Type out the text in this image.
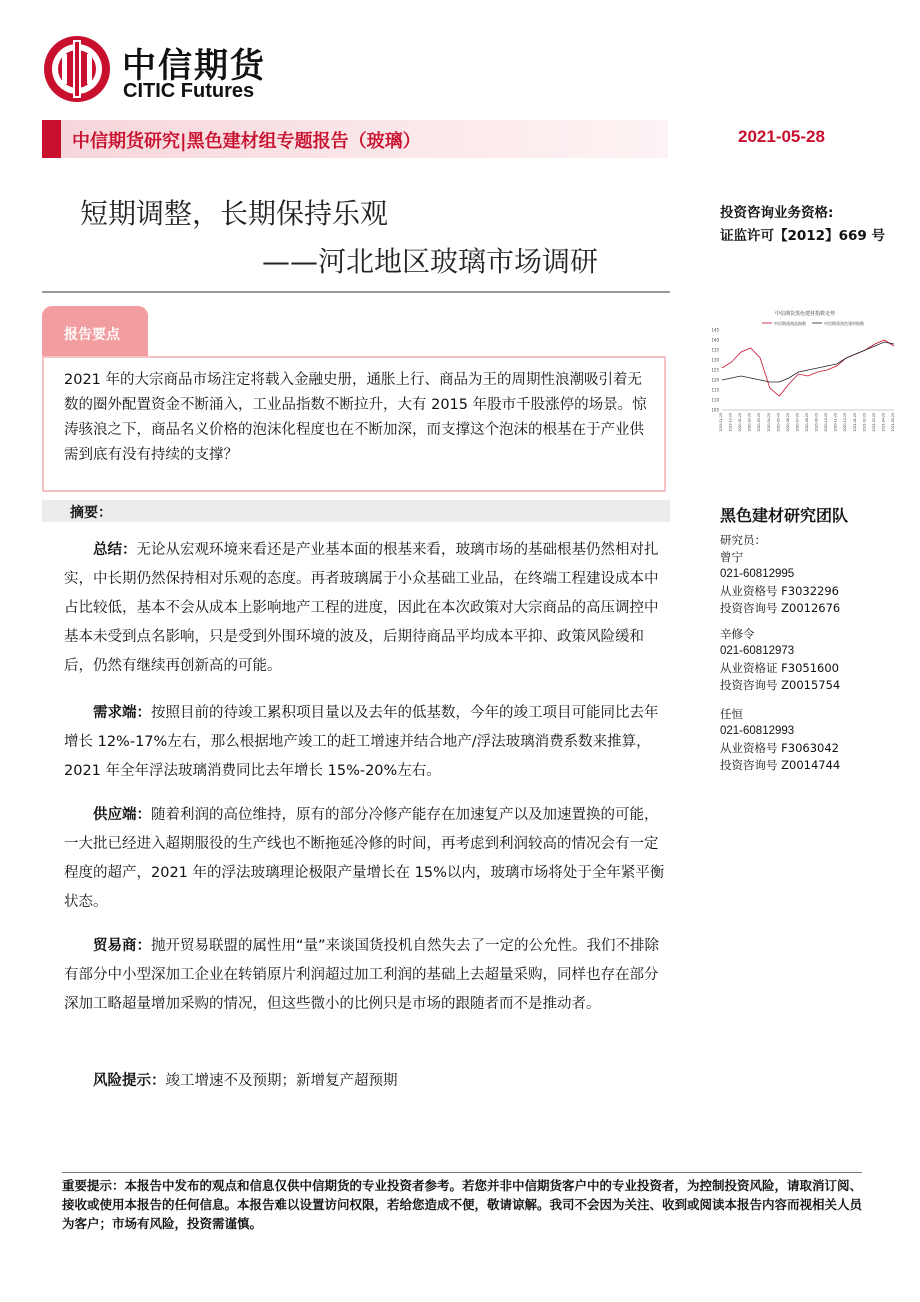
中信期货
CITIC Futures
中信期货研究|黑色建材组专题报告（玻璃）	2021-05-28
短期调整，长期保持乐观
——河北地区玻璃市场调研
投资咨询业务资格:
证监许可【2012】669 号
报告要点
2021 年的大宗商品市场注定将载入金融史册，通胀上行、商品为王的周期性浪潮吸引着无数的圈外配置资金不断涌入，工业品指数不断拉升，大有 2015 年股市千股涨停的场景。惊涛骇浪之下，商品名义价格的泡沫化程度也在不断加深，而支撑这个泡沫的根基在于产业供需到底有没有持续的支撑？
中信期货黑色建材指数走势
中信期货商品指数	中信期货黑色建材指数
105
110
115
120
125
130
135
140
145
2019-11-20 2019-12-20 2020-01-20 2020-02-20 2020-03-20 2020-04-20 2020-05-20 2020-06-20 2020-07-20 2020-08-20 2020-09-20 2020-10-20 2020-11-20 2020-12-20 2021-01-20 2021-02-20 2021-03-20 2021-04-20 2021-05-20
摘要：
总结：无论从宏观环境来看还是产业基本面的根基来看，玻璃市场的基础根基仍然相对扎实，中长期仍然保持相对乐观的态度。再者玻璃属于小众基础工业品，在终端工程建设成本中占比较低，基本不会从成本上影响地产工程的进度，因此在本次政策对大宗商品的高压调控中基本未受到点名影响，只是受到外围环境的波及，后期待商品平均成本平抑、政策风险缓和后，仍然有继续再创新高的可能。
需求端：按照目前的待竣工累积项目量以及去年的低基数，今年的竣工项目可能同比去年增长 12%-17%左右，那么根据地产竣工的赶工增速并结合地产/浮法玻璃消费系数来推算，2021 年全年浮法玻璃消费同比去年增长 15%-20%左右。
供应端：随着利润的高位维持，原有的部分冷修产能存在加速复产以及加速置换的可能，一大批已经进入超期服役的生产线也不断拖延冷修的时间，再考虑到利润较高的情况会有一定程度的超产，2021 年的浮法玻璃理论极限产量增长在 15%以内，玻璃市场将处于全年紧平衡状态。
贸易商：抛开贸易联盟的属性用“量”来谈国货投机自然失去了一定的公允性。我们不排除有部分中小型深加工企业在转销原片利润超过加工利润的基础上去超量采购，同样也存在部分深加工略超量增加采购的情况，但这些微小的比例只是市场的跟随者而不是推动者。
风险提示：竣工增速不及预期；新增复产超预期
黑色建材研究团队
研究员：
曾宁
021-60812995
从业资格号 F3032296
投资咨询号 Z0012676
辛修令
021-60812973
从业资格证 F3051600
投资咨询号 Z0015754
任恒
021-60812993
从业资格号 F3063042
投资咨询号 Z0014744
重要提示：本报告中发布的观点和信息仅供中信期货的专业投资者参考。若您并非中信期货客户中的专业投资者，为控制投资风险，请取消订阅、接收或使用本报告的任何信息。本报告难以设置访问权限，若给您造成不便，敬请谅解。我司不会因为关注、收到或阅读本报告内容而视相关人员为客户；市场有风险，投资需谨慎。
